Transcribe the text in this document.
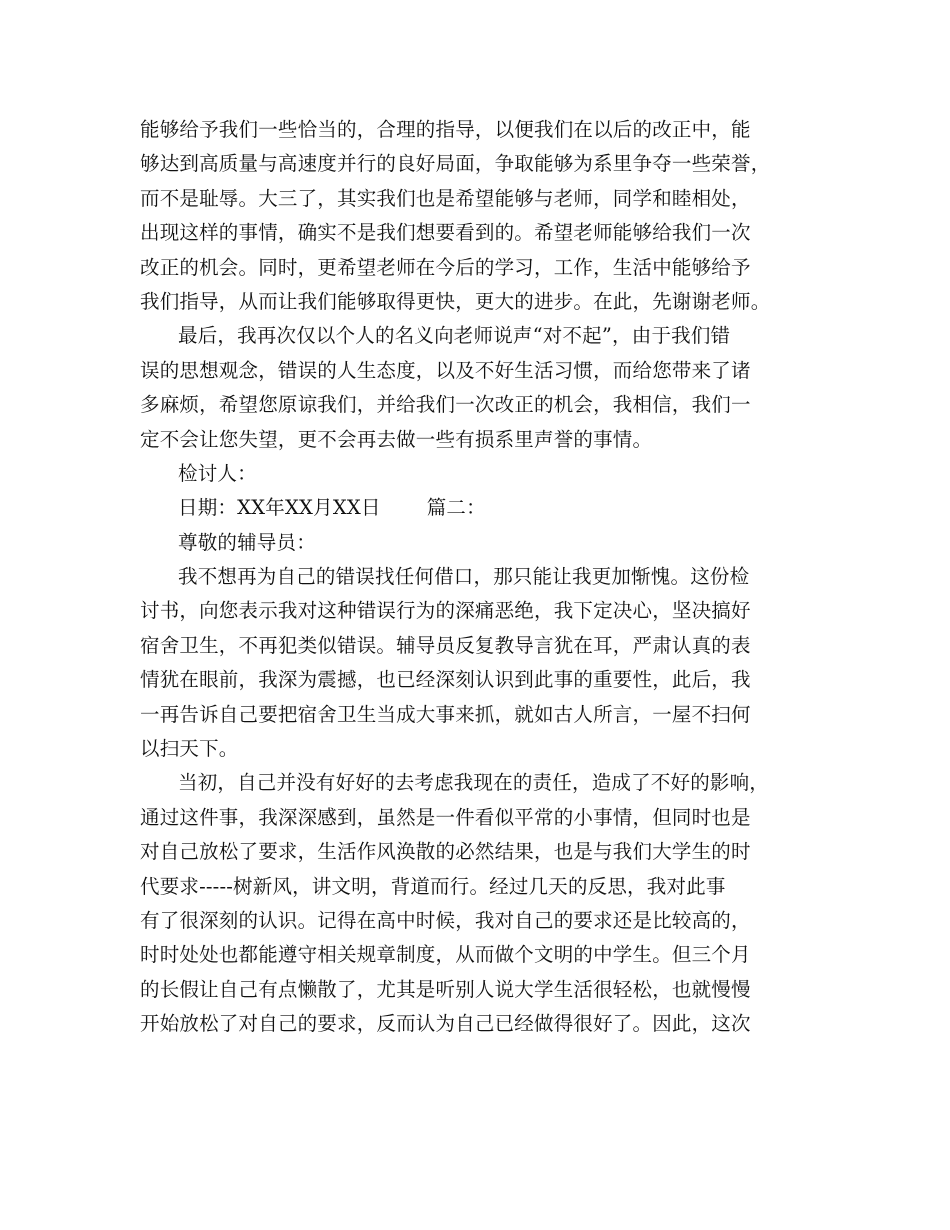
能够给予我们一些恰当的，合理的指导，以便我们在以后的改正中，能
够达到高质量与高速度并行的良好局面，争取能够为系里争夺一些荣誉，
而不是耻辱。大三了，其实我们也是希望能够与老师，同学和睦相处，
出现这样的事情，确实不是我们想要看到的。希望老师能够给我们一次
改正的机会。同时，更希望老师在今后的学习，工作，生活中能够给予
我们指导，从而让我们能够取得更快，更大的进步。在此，先谢谢老师。
最后，我再次仅以个人的名义向老师说声“对不起”，由于我们错
误的思想观念，错误的人生态度，以及不好生活习惯，而给您带来了诸
多麻烦，希望您原谅我们，并给我们一次改正的机会，我相信，我们一
定不会让您失望，更不会再去做一些有损系里声誉的事情。
检讨人：
日期：XX年XX月XX日 篇二：
尊敬的辅导员：
我不想再为自己的错误找任何借口，那只能让我更加惭愧。这份检
讨书，向您表示我对这种错误行为的深痛恶绝，我下定决心，坚决搞好
宿舍卫生，不再犯类似错误。辅导员反复教导言犹在耳，严肃认真的表
情犹在眼前，我深为震撼，也已经深刻认识到此事的重要性，此后，我
一再告诉自己要把宿舍卫生当成大事来抓，就如古人所言，一屋不扫何
以扫天下。
当初，自己并没有好好的去考虑我现在的责任，造成了不好的影响，
通过这件事，我深深感到，虽然是一件看似平常的小事情，但同时也是
对自己放松了要求，生活作风涣散的必然结果，也是与我们大学生的时
代要求-----树新风，讲文明，背道而行。经过几天的反思，我对此事
有了很深刻的认识。记得在高中时候，我对自己的要求还是比较高的，
时时处处也都能遵守相关规章制度，从而做个文明的中学生。但三个月
的长假让自己有点懒散了，尤其是听别人说大学生活很轻松，也就慢慢
开始放松了对自己的要求，反而认为自己已经做得很好了。因此，这次
